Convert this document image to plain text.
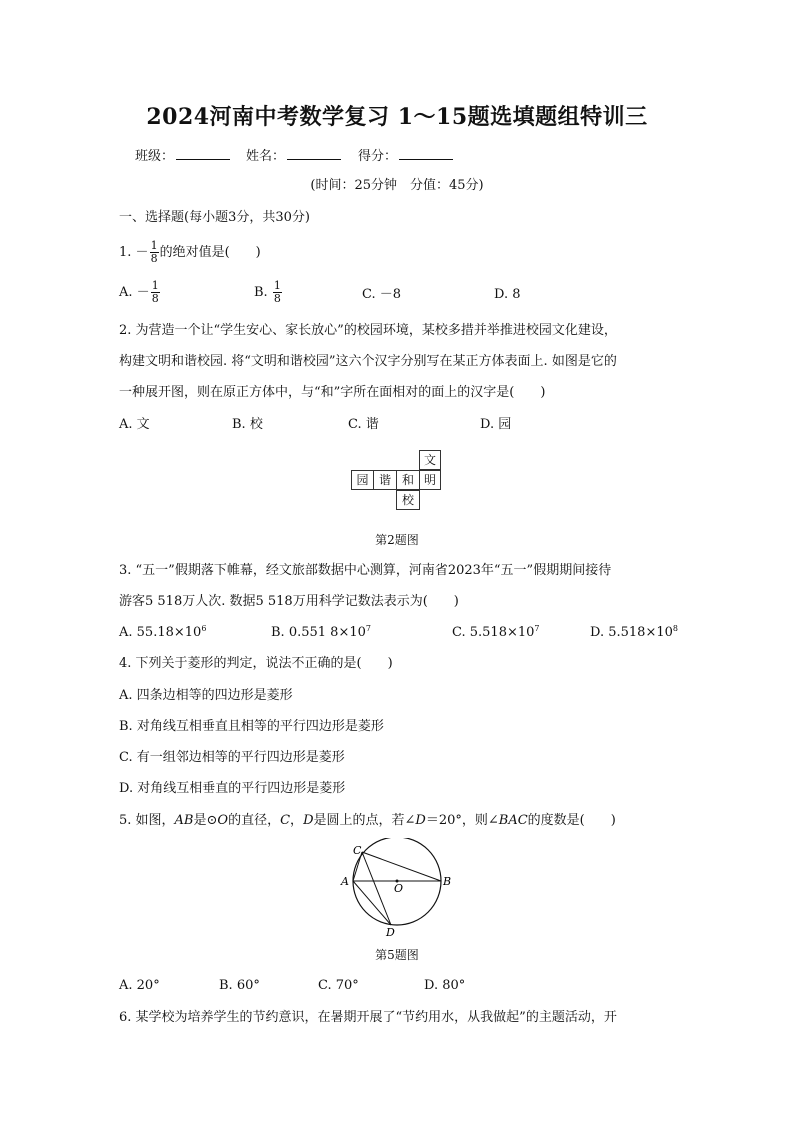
2024河南中考数学复习 1～15题选填题组特训三
班级：	姓名：	得分：
(时间：25分钟　分值：45分)
一、选择题(每小题3分，共30分)
1. － $\frac{1}{8}$ 的绝对值是(　　)
A. － $\frac{1}{8}$	B. $\frac{1}{8}$	C. －8	D. 8
2. 为营造一个让“学生安心、家长放心”的校园环境，某校多措并举推进校园文化建设，
构建文明和谐校园. 将“文明和谐校园”这六个汉字分别写在某正方体表面上. 如图是它的
一种展开图，则在原正方体中，与“和”字所在面相对的面上的汉字是(　　)
A. 文	B. 校	C. 谐	D. 园
文
园 谐 和 明
校
第2题图
3. “五一”假期落下帷幕，经文旅部数据中心测算，河南省2023年“五一”假期期间接待
游客5 518万人次. 数据5 518万用科学记数法表示为(　　)
A. $55.18\times 10^6$	B. 0.551 $8\times 10^7$	C. $5.518\times 10^7$	D. $5.518\times 10^8$
4. 下列关于菱形的判定，说法不正确的是(　　)
A. 四条边相等的四边形是菱形
B. 对角线互相垂直且相等的平行四边形是菱形
C. 有一组邻边相等的平行四边形是菱形
D. 对角线互相垂直的平行四边形是菱形
5. 如图，AB是⊙O的直径，C，D是圆上的点，若∠D＝20°，则∠BAC的度数是(　　)
C
A	B
O
D
第5题图
A. 20°	B. 60°	C. 70°	D. 80°
6. 某学校为培养学生的节约意识，在暑期开展了“节约用水，从我做起”的主题活动，开
